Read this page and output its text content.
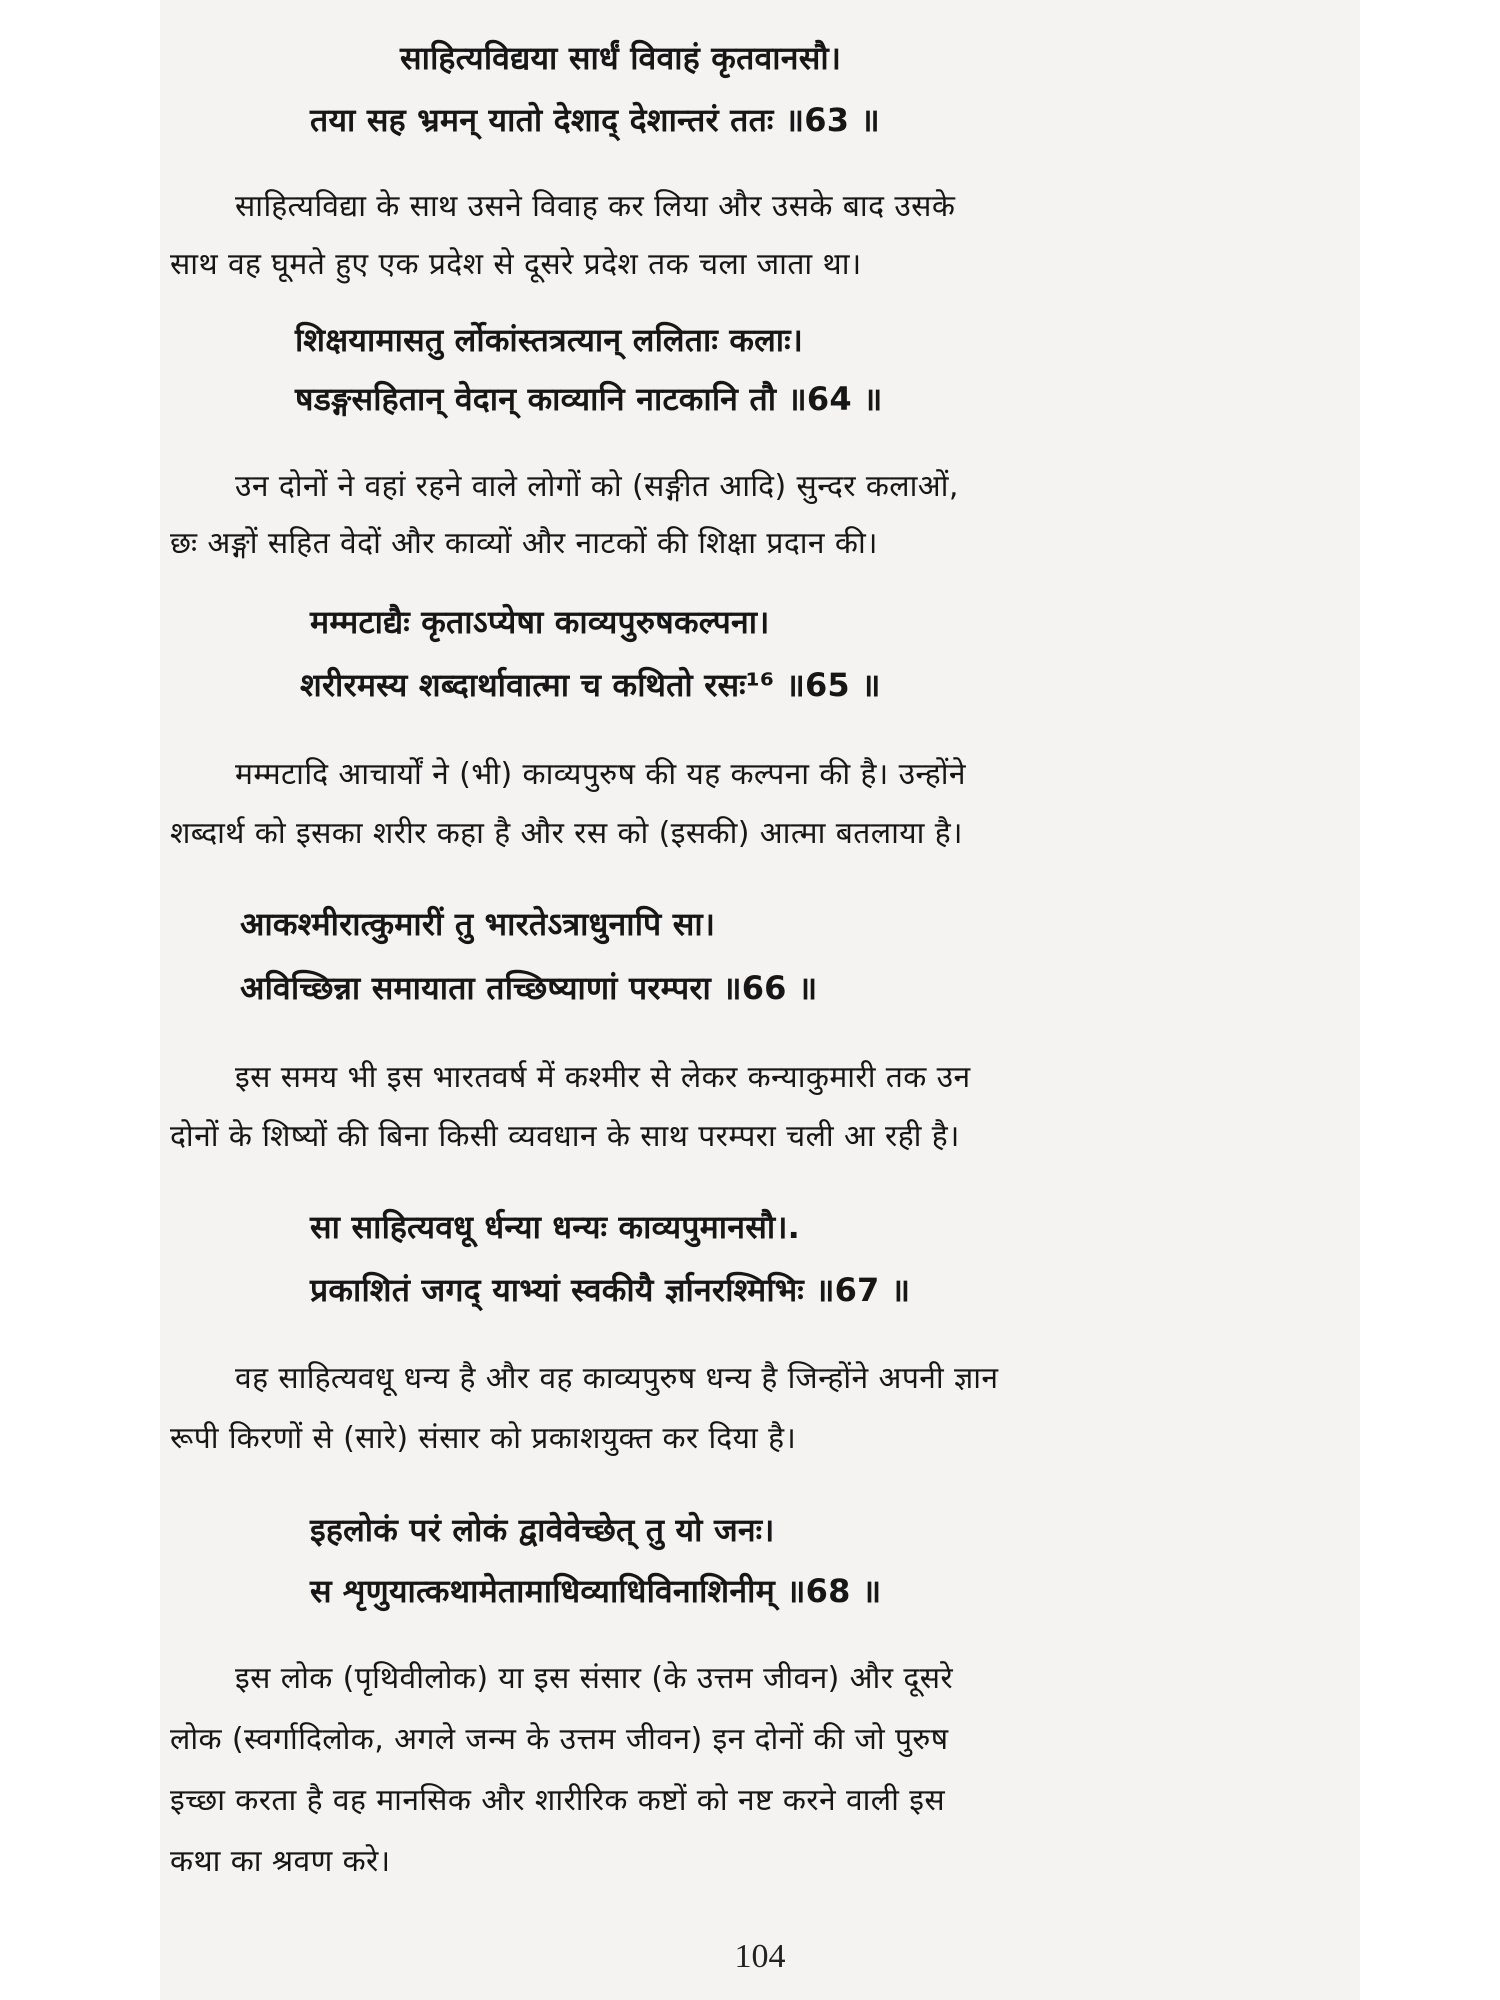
साहित्यविद्यया सार्धं विवाहं कृतवानसौ।
तया सह भ्रमन् यातो देशाद् देशान्तरं ततः ॥63 ॥
साहित्यविद्या के साथ उसने विवाह कर लिया और उसके बाद उसके
साथ वह घूमते हुए एक प्रदेश से दूसरे प्रदेश तक चला जाता था।
शिक्षयामासतु र्लोकांस्तत्रत्यान् ललिताः कलाः।
षडङ्गसहितान् वेदान् काव्यानि नाटकानि तौ ॥64 ॥
उन दोनों ने वहां रहने वाले लोगों को (सङ्गीत आदि) सुन्दर कलाओं,
छः अङ्गों सहित वेदों और काव्यों और नाटकों की शिक्षा प्रदान की।
मम्मटाद्यैः कृताऽप्येषा काव्यपुरुषकल्पना।
शरीरमस्य शब्दार्थावात्मा च कथितो रसः¹⁶ ॥65 ॥
मम्मटादि आचार्यों ने (भी) काव्यपुरुष की यह कल्पना की है। उन्होंने
शब्दार्थ को इसका शरीर कहा है और रस को (इसकी) आत्मा बतलाया है।
आकश्मीरात्कुमारीं तु भारतेऽत्राधुनापि सा।
अविच्छिन्ना समायाता तच्छिष्याणां परम्परा ॥66 ॥
इस समय भी इस भारतवर्ष में कश्मीर से लेकर कन्याकुमारी तक उन
दोनों के शिष्यों की बिना किसी व्यवधान के साथ परम्परा चली आ रही है।
सा साहित्यवधू र्धन्या धन्यः काव्यपुमानसौ।.
प्रकाशितं जगद् याभ्यां स्वकीयै र्ज्ञानरश्मिभिः ॥67 ॥
वह साहित्यवधू धन्य है और वह काव्यपुरुष धन्य है जिन्होंने अपनी ज्ञान
रूपी किरणों से (सारे) संसार को प्रकाशयुक्त कर दिया है।
इहलोकं परं लोकं द्वावेवेच्छेत् तु यो जनः।
स शृणुयात्कथामेतामाधिव्याधिविनाशिनीम् ॥68 ॥
इस लोक (पृथिवीलोक) या इस संसार (के उत्तम जीवन) और दूसरे
लोक (स्वर्गादिलोक, अगले जन्म के उत्तम जीवन) इन दोनों की जो पुरुष
इच्छा करता है वह मानसिक और शारीरिक कष्टों को नष्ट करने वाली इस
कथा का श्रवण करे।
104
